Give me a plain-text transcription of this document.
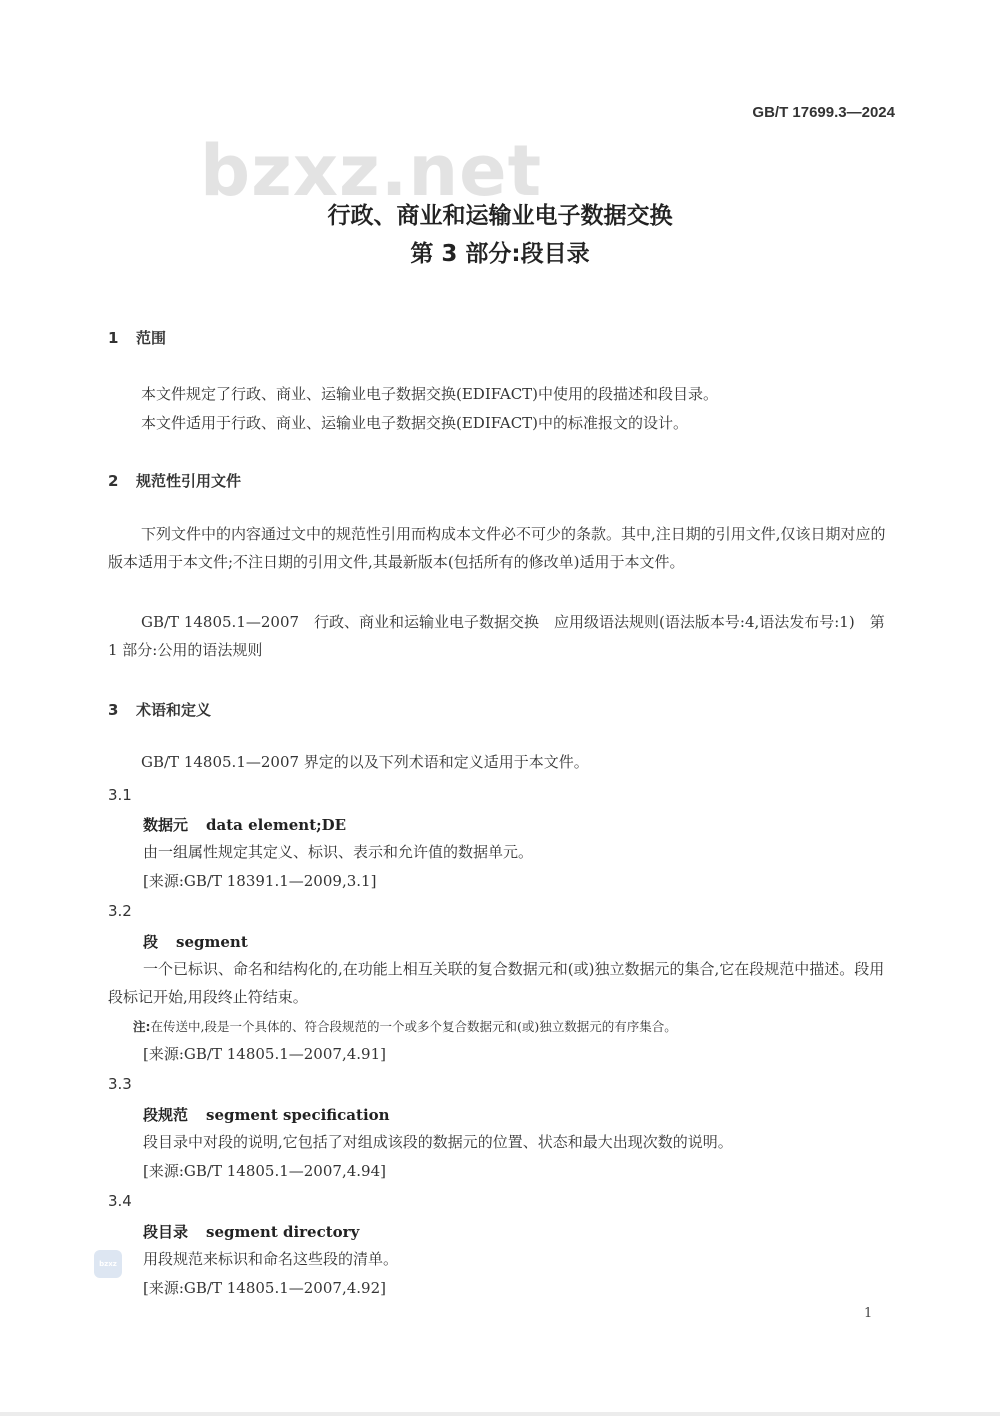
GB/T 17699.3—2024
bzxz.net
行政、商业和运输业电子数据交换
第 3 部分:段目录
1 范围
本文件规定了行政、商业、运输业电子数据交换(EDIFACT)中使用的段描述和段目录。
本文件适用于行政、商业、运输业电子数据交换(EDIFACT)中的标准报文的设计。
2 规范性引用文件
下列文件中的内容通过文中的规范性引用而构成本文件必不可少的条款。其中,注日期的引用文件,仅该日期对应的版本适用于本文件;不注日期的引用文件,其最新版本(包括所有的修改单)适用于本文件。
GB/T 14805.1—2007　行政、商业和运输业电子数据交换　应用级语法规则(语法版本号:4,语法发布号:1)　第 1 部分:公用的语法规则
3 术语和定义
GB/T 14805.1—2007 界定的以及下列术语和定义适用于本文件。
3.1
数据元 data element;DE
由一组属性规定其定义、标识、表示和允许值的数据单元。
[来源:GB/T 18391.1—2009,3.1]
3.2
段 segment
一个已标识、命名和结构化的,在功能上相互关联的复合数据元和(或)独立数据元的集合,它在段规范中描述。段用段标记开始,用段终止符结束。
注:在传送中,段是一个具体的、符合段规范的一个或多个复合数据元和(或)独立数据元的有序集合。
[来源:GB/T 14805.1—2007,4.91]
3.3
段规范 segment specification
段目录中对段的说明,它包括了对组成该段的数据元的位置、状态和最大出现次数的说明。
[来源:GB/T 14805.1—2007,4.94]
3.4
段目录 segment directory
用段规范来标识和命名这些段的清单。
[来源:GB/T 14805.1—2007,4.92]
bzxz
1
